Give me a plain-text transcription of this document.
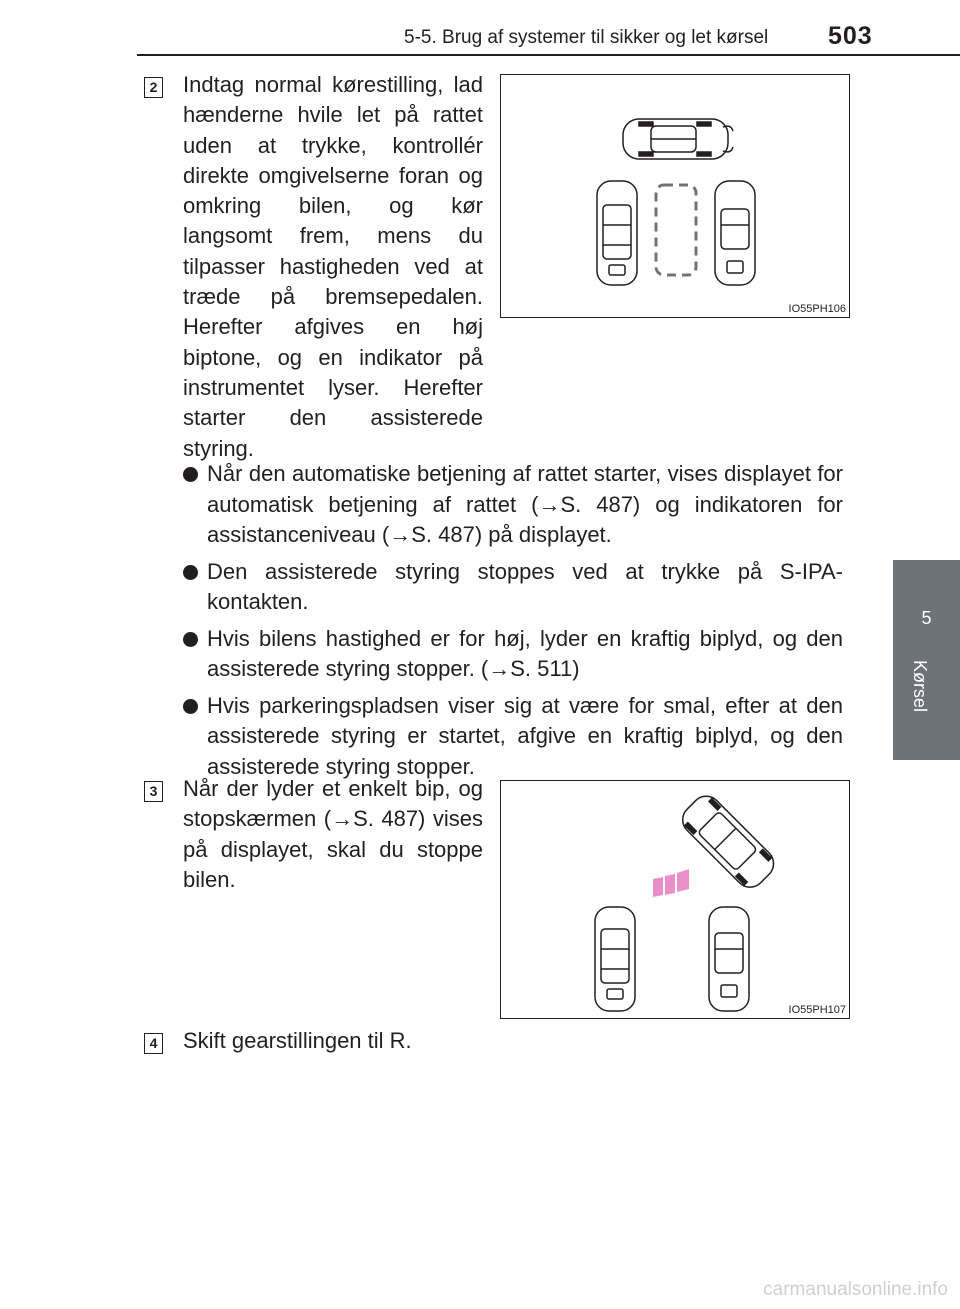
5-5. Brug af systemer til sikker og let kørsel 503
5
Kørsel
2 Indtag normal kørestilling, lad hænderne hvile let på rattet uden at trykke, kontrollér direkte omgivelserne foran og omkring bilen, og kør langsomt frem, mens du tilpasser hastigheden ved at træde på bremsepedalen. Herefter afgives en høj biptone, og en indikator på instrumentet lyser. Herefter starter den assisterede styring.

IO55PH106
Når den automatiske betjening af rattet starter, vises displayet for automatisk betjening af rattet (→S. 487) og indikatoren for assistanceniveau (→S. 487) på displayet.
Den assisterede styring stoppes ved at trykke på S-IPA-kontakten.
Hvis bilens hastighed er for høj, lyder en kraftig biplyd, og den assisterede styring stopper. (→S. 511)
Hvis parkeringspladsen viser sig at være for smal, efter at den assisterede styring er startet, afgive en kraftig biplyd, og den assisterede styring stopper.
3 Når der lyder et enkelt bip, og stopskærmen (→S. 487) vises på displayet, skal du stoppe bilen.

IO55PH107
4 Skift gearstillingen til R.

carmanualsonline.info
